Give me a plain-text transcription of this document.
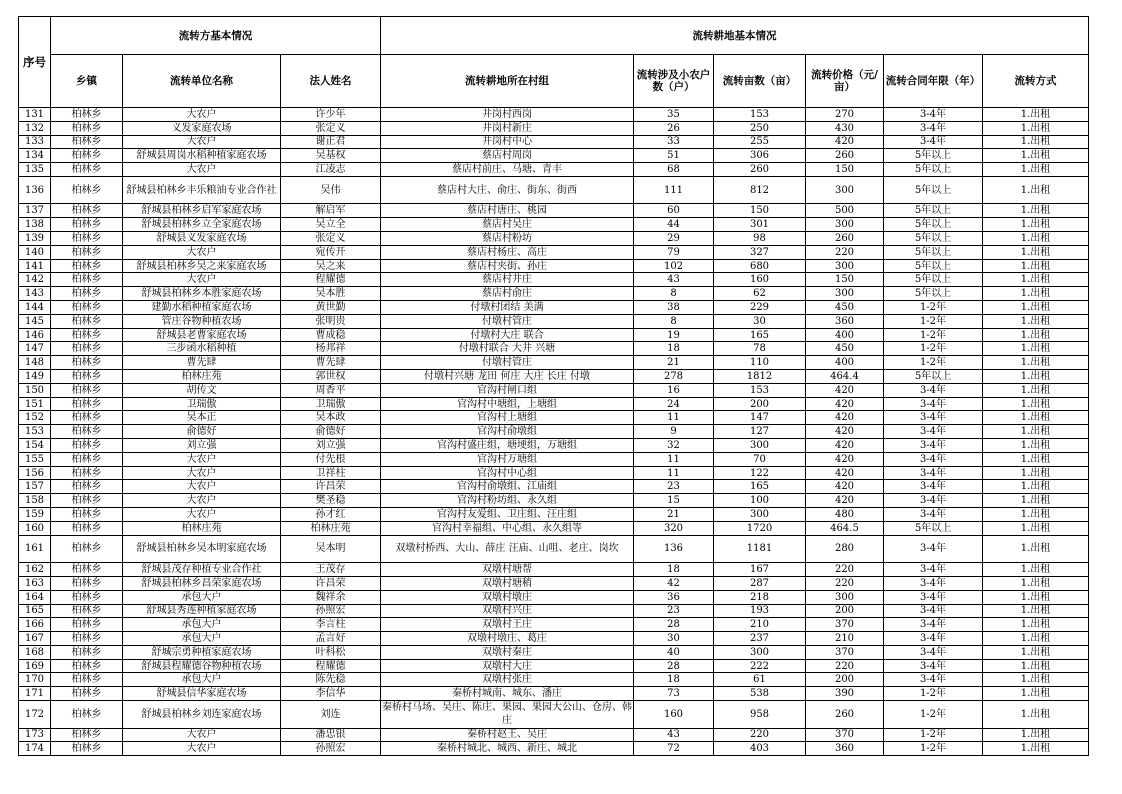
序号	流转方基本情况			流转耕地基本情况					
	乡镇	流转单位名称	法人姓名	流转耕地所在村组	流转涉及小农户数（户）	流转亩数（亩）	流转价格（元/亩）	流转合同年限（年）	流转方式
131	柏林乡	大农户	许少年	井岗村西岗	35	153	270	3-4年	1.出租
132	柏林乡	义发家庭农场	张定义	井岗村新庄	26	250	430	3-4年	1.出租
133	柏林乡	大农户	谢正君	井岗村中心	33	255	420	3-4年	1.出租
134	柏林乡	舒城县周岗水稻种植家庭农场	吴基权	蔡店村周岗	51	306	260	5年以上	1.出租
135	柏林乡	大农户	江凌志	蔡店村前庄、马塘、青丰	68	260	150	5年以上	1.出租
136	柏林乡	舒城县柏林乡丰乐粮油专业合作社	吴伟	蔡店村大庄、俞庄、街东、街西	111	812	300	5年以上	1.出租
137	柏林乡	舒城县柏林乡启军家庭农场	解启军	蔡店村唐庄、桃园	60	150	500	5年以上	1.出租
138	柏林乡	舒城县柏林乡立全家庭农场	吴立全	蔡店村吴庄	44	301	300	5年以上	1.出租
139	柏林乡	舒城县义发家庭农场	张定义	蔡店村粉坊	29	98	260	5年以上	1.出租
140	柏林乡	大农户	宛传开	蔡店村杨庄、高庄	79	327	220	5年以上	1.出租
141	柏林乡	舒城县柏林乡吴之来家庭农场	吴之来	蔡店村夹街、孙庄	102	680	300	5年以上	1.出租
142	柏林乡	大农户	程耀德	蔡店村井庄	43	160	150	5年以上	1.出租
143	柏林乡	舒城县柏林乡本胜家庭农场	吴本胜	蔡店村俞庄	8	62	300	5年以上	1.出租
144	柏林乡	建勤水稻种植家庭农场	黄世勤	付墩村团结 美满	38	229	450	1-2年	1.出租
145	柏林乡	管庄谷物种植农场	张明贵	付墩村管庄	8	30	360	1-2年	1.出租
146	柏林乡	舒城县老曹家庭农场	曹成稳	付墩村大庄 联合	19	165	400	1-2年	1.出租
147	柏林乡	三步函水稻种植	杨邦祥	付墩村联合 大井 兴塘	18	78	450	1-2年	1.出租
148	柏林乡	曹先肆	曹先肆	付墩村管庄	21	110	400	1-2年	1.出租
149	柏林乡	柏林庄苑	郭世权	付墩村兴塘 龙田 何庄 大庄 长庄 付墩	278	1812	464.4	5年以上	1.出租
150	柏林乡	胡传文	周香平	官沟村闸口组	16	153	420	3-4年	1.出租
151	柏林乡	卫瑞傲	卫瑞傲	官沟村中塘组，上塘组	24	200	420	3-4年	1.出租
152	柏林乡	吴本正	吴本政	官沟村上塘组	11	147	420	3-4年	1.出租
153	柏林乡	俞德好	俞德好	官沟村俞墩组	9	127	420	3-4年	1.出租
154	柏林乡	刘立强	刘立强	官沟村盛庄组，塘埂组，万塘组	32	300	420	3-4年	1.出租
155	柏林乡	大农户	付先根	官沟村万塘组	11	70	420	3-4年	1.出租
156	柏林乡	大农户	卫祥柱	官沟村中心组	11	122	420	3-4年	1.出租
157	柏林乡	大农户	许昌荣	官沟村俞墩组、江庙组	23	165	420	3-4年	1.出租
158	柏林乡	大农户	樊圣稳	官沟村粉坊组、永久组	15	100	420	3-4年	1.出租
159	柏林乡	大农户	孙才红	官沟村友爱组、卫庄组、汪庄组	21	300	480	3-4年	1.出租
160	柏林乡	柏林庄苑	柏林庄苑	官沟村幸福组、中心组、永久组等	320	1720	464.5	5年以上	1.出租
161	柏林乡	舒城县柏林乡吴本明家庭农场	吴本明	双墩村桥西、大山、薛庄 汪庙、山咀、老庄、岗坎	136	1181	280	3-4年	1.出租
162	柏林乡	舒城县茂存种植专业合作社	王茂存	双墩村塘帮	18	167	220	3-4年	1.出租
163	柏林乡	舒城县柏林乡昌荣家庭农场	许昌荣	双墩村塘稍	42	287	220	3-4年	1.出租
164	柏林乡	承包大户	魏祥余	双墩村墩庄	36	218	300	3-4年	1.出租
165	柏林乡	舒城县秀莲种植家庭农场	孙照宏	双墩村兴庄	23	193	200	3-4年	1.出租
166	柏林乡	承包大户	李言柱	双墩村王庄	28	210	370	3-4年	1.出租
167	柏林乡	承包大户	孟言好	双墩村墩庄、葛庄	30	237	210	3-4年	1.出租
168	柏林乡	舒城宗勇种植家庭农场	叶科松	双墩村秦庄	40	300	370	3-4年	1.出租
169	柏林乡	舒城县程耀德谷物种植农场	程耀德	双墩村大庄	28	222	220	3-4年	1.出租
170	柏林乡	承包大户	陈先稳	双墩村张庄	18	61	200	3-4年	1.出租
171	柏林乡	舒城县信华家庭农场	李信华	秦桥村城南、城东、潘庄	73	538	390	1-2年	1.出租
172	柏林乡	舒城县柏林乡刘连家庭农场	刘连	秦桥村马场、吴庄、陈庄、果园、果园大公山、仓房、韩庄	160	958	260	1-2年	1.出租
173	柏林乡	大农户	潘忠银	秦桥村赵王、吴庄	43	220	370	1-2年	1.出租
174	柏林乡	大农户	孙照宏	秦桥村城北、城西、新庄、城北	72	403	360	1-2年	1.出租
